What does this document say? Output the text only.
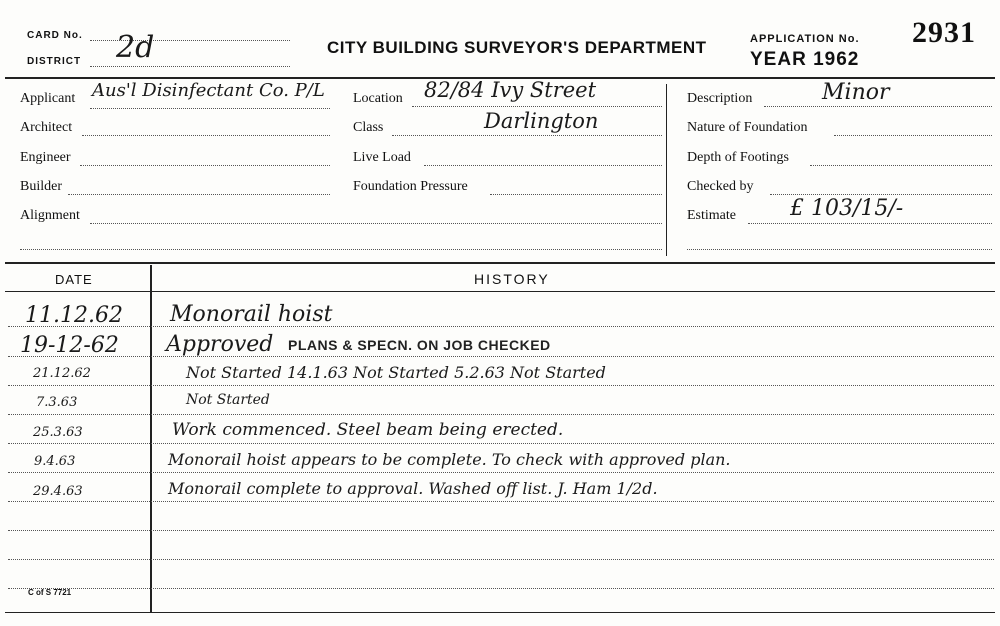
CARD No.
DISTRICT 2d	CITY BUILDING SURVEYOR'S DEPARTMENT	APPLICATION No. 2931
YEAR 1962
Applicant Aus'l Disinfectant Co. P/L
Architect
Engineer
Builder
Alignment
Location 82/84 Ivy Street
Class	Darlington
Live Load
Foundation Pressure
Description	Minor
Nature of Foundation
Depth of Footings
Checked by
Estimate £ 103/15/-
DATE	HISTORY
11.12.62 Monorail hoist
19-12-62 Approved PLANS & SPECN. ON JOB CHECKED
21.12.62	Not Started 14.1.63 Not Started 5.2.63 Not Started
7.3.63	Not Started
25.3.63	Work commenced. Steel beam being erected.
9.4.63	Monorail hoist appears to be complete. To check with approved plan.
29.4.63	Monorail complete to approval. Washed off list. J. Ham 1/2d.
C of S 7721
